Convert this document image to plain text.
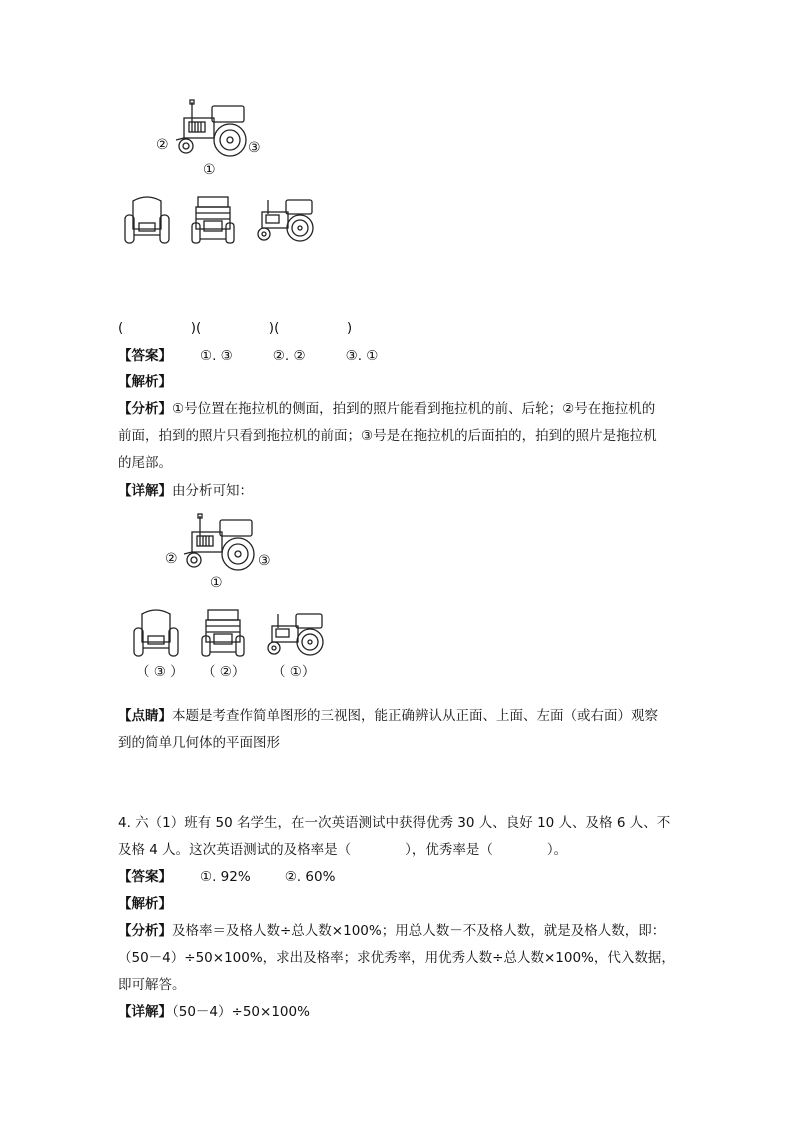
②	③
①
(　　　　　)(　　　　　)(　　　　　)
【答案】 ①. ③	②. ②	③. ①
【解析】
【分析】①号位置在拖拉机的侧面，拍到的照片能看到拖拉机的前、后轮；②号在拖拉机的
前面，拍到的照片只看到拖拉机的前面；③号是在拖拉机的后面拍的，拍到的照片是拖拉机
的尾部。
【详解】由分析可知：
②	③
①
（ ③ ） （ ②） （ ①）
【点睛】本题是考查作简单图形的三视图，能正确辨认从正面、上面、左面（或右面）观察
到的简单几何体的平面图形
4. 六（1）班有 50 名学生，在一次英语测试中获得优秀 30 人、良好 10 人、及格 6 人、不
及格 4 人。这次英语测试的及格率是（　　　　），优秀率是（　　　　）。
【答案】 ①. 92%	②. 60%
【解析】
【分析】及格率＝及格人数÷总人数×100%；用总人数－不及格人数，就是及格人数，即：
（50－4）÷50×100%，求出及格率；求优秀率，用优秀人数÷总人数×100%，代入数据，
即可解答。
【详解】（50－4）÷50×100%
